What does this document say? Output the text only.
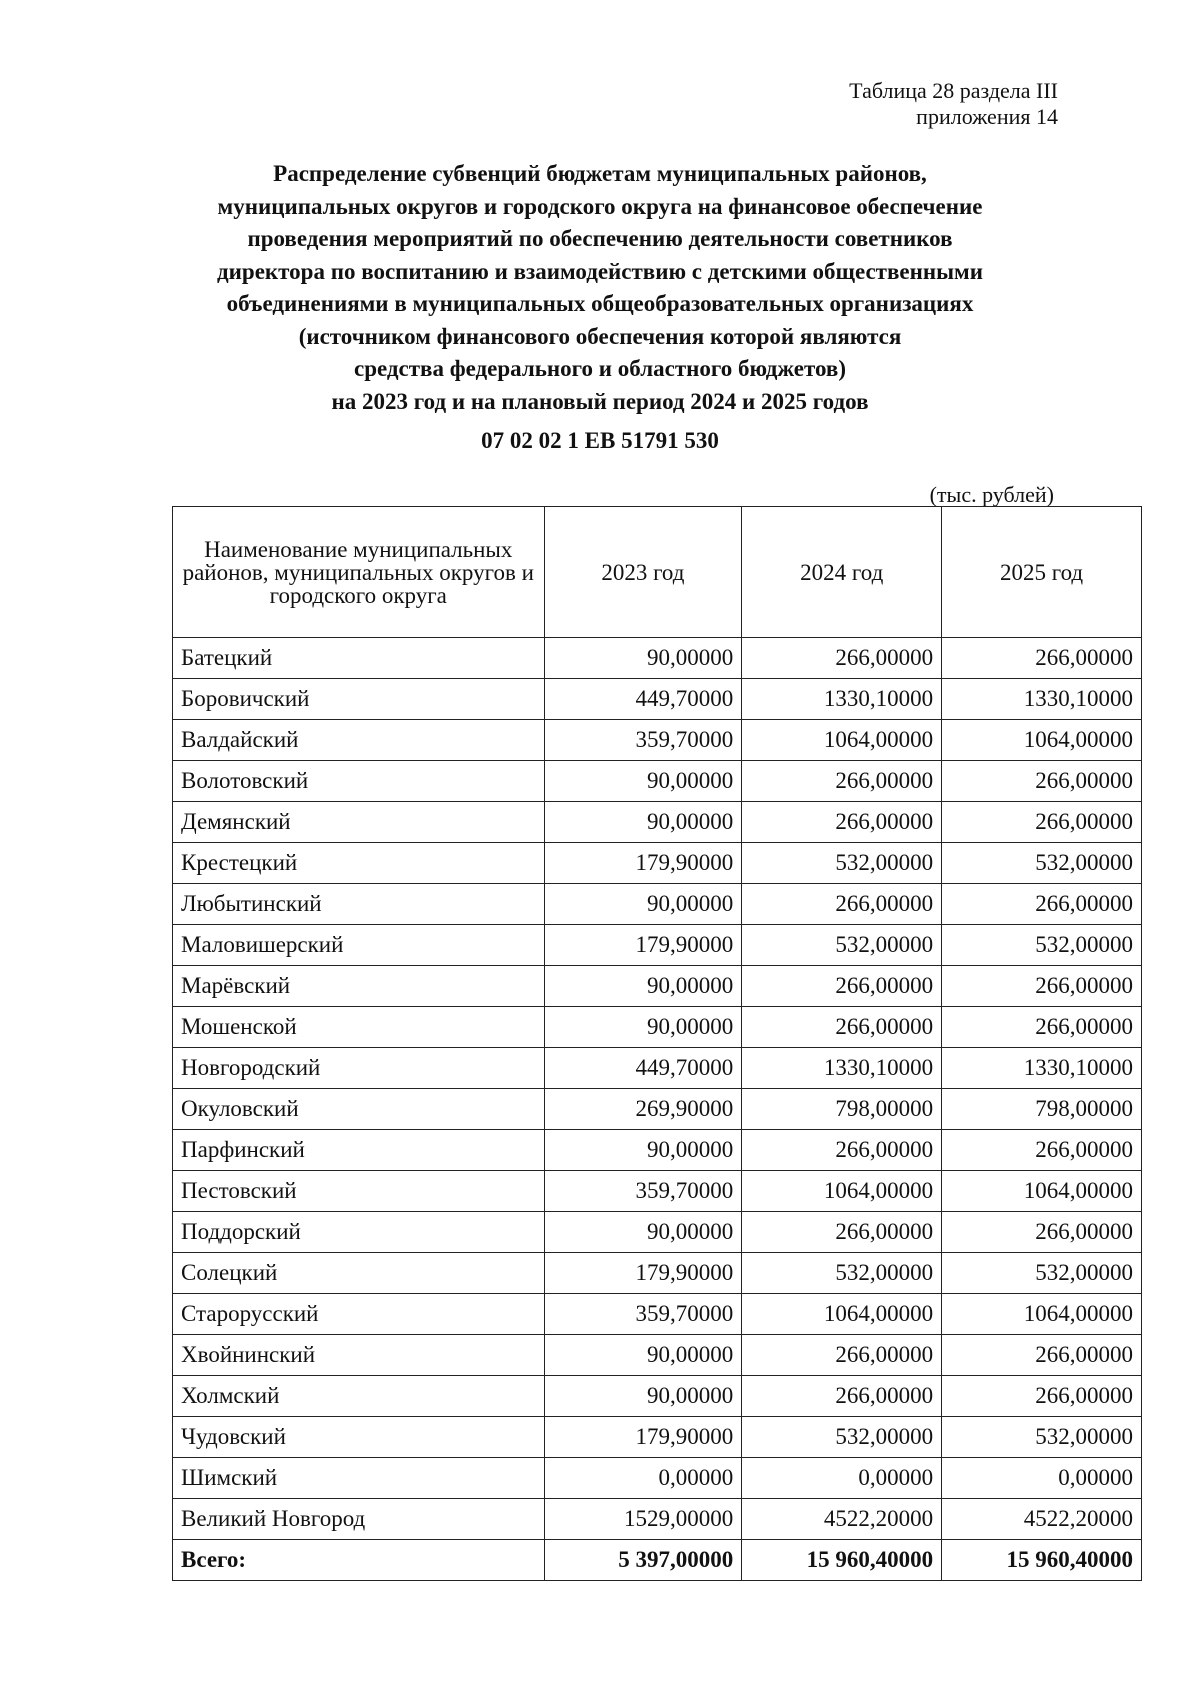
Таблица 28 раздела III
приложения 14
Распределение субвенций бюджетам муниципальных районов,
муниципальных округов и городского округа на финансовое обеспечение
проведения мероприятий по обеспечению деятельности советников
директора по воспитанию и взаимодействию с детскими общественными
объединениями в муниципальных общеобразовательных организациях
(источником финансового обеспечения которой являются
средства федерального и областного бюджетов)
на 2023 год и на плановый период 2024 и 2025 годов
07 02 02 1 ЕВ 51791 530
(тыс. рублей)
Наименование муниципальных районов, муниципальных округов и городского округа	2023 год	2024 год	2025 год
Батецкий	90,00000	266,00000	266,00000
Боровичский	449,70000	1330,10000	1330,10000
Валдайский	359,70000	1064,00000	1064,00000
Волотовский	90,00000	266,00000	266,00000
Демянский	90,00000	266,00000	266,00000
Крестецкий	179,90000	532,00000	532,00000
Любытинский	90,00000	266,00000	266,00000
Маловишерский	179,90000	532,00000	532,00000
Марёвский	90,00000	266,00000	266,00000
Мошенской	90,00000	266,00000	266,00000
Новгородский	449,70000	1330,10000	1330,10000
Окуловский	269,90000	798,00000	798,00000
Парфинский	90,00000	266,00000	266,00000
Пестовский	359,70000	1064,00000	1064,00000
Поддорский	90,00000	266,00000	266,00000
Солецкий	179,90000	532,00000	532,00000
Старорусский	359,70000	1064,00000	1064,00000
Хвойнинский	90,00000	266,00000	266,00000
Холмский	90,00000	266,00000	266,00000
Чудовский	179,90000	532,00000	532,00000
Шимский	0,00000	0,00000	0,00000
Великий Новгород	1529,00000	4522,20000	4522,20000
Всего:	5 397,00000	15 960,40000	15 960,40000
